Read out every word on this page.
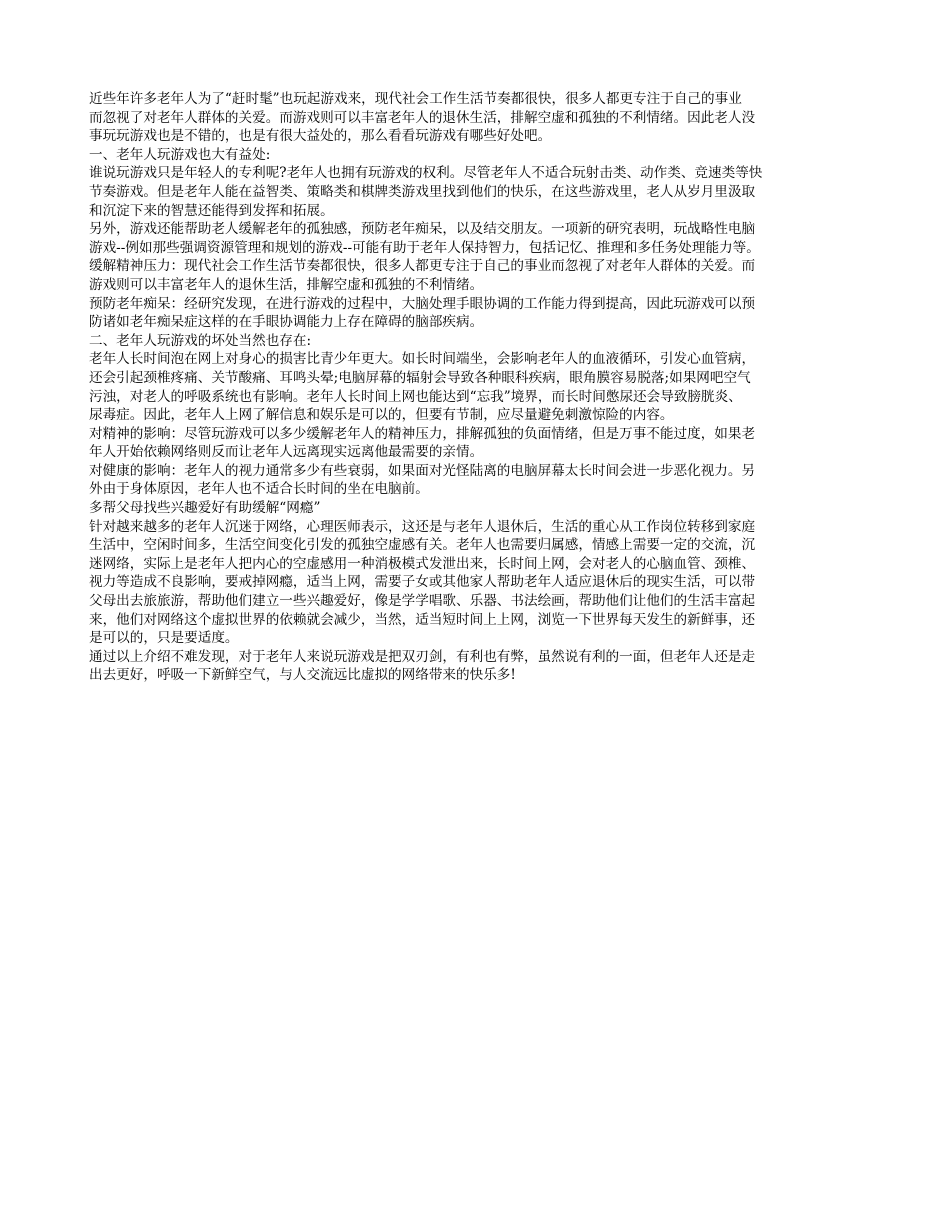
近些年许多老年人为了“赶时髦”也玩起游戏来，现代社会工作生活节奏都很快，很多人都更专注于自己的事业
而忽视了对老年人群体的关爱。而游戏则可以丰富老年人的退休生活，排解空虚和孤独的不利情绪。因此老人没
事玩玩游戏也是不错的，也是有很大益处的，那么看看玩游戏有哪些好处吧。
一、老年人玩游戏也大有益处:
谁说玩游戏只是年轻人的专利呢?老年人也拥有玩游戏的权利。尽管老年人不适合玩射击类、动作类、竞速类等快
节奏游戏。但是老年人能在益智类、策略类和棋牌类游戏里找到他们的快乐，在这些游戏里，老人从岁月里汲取
和沉淀下来的智慧还能得到发挥和拓展。
另外，游戏还能帮助老人缓解老年的孤独感，预防老年痴呆，以及结交朋友。一项新的研究表明，玩战略性电脑
游戏--例如那些强调资源管理和规划的游戏--可能有助于老年人保持智力，包括记忆、推理和多任务处理能力等。
缓解精神压力：现代社会工作生活节奏都很快，很多人都更专注于自己的事业而忽视了对老年人群体的关爱。而
游戏则可以丰富老年人的退休生活，排解空虚和孤独的不利情绪。
预防老年痴呆：经研究发现，在进行游戏的过程中，大脑处理手眼协调的工作能力得到提高，因此玩游戏可以预
防诸如老年痴呆症这样的在手眼协调能力上存在障碍的脑部疾病。
二、老年人玩游戏的坏处当然也存在:
老年人长时间泡在网上对身心的损害比青少年更大。如长时间端坐，会影响老年人的血液循环，引发心血管病，
还会引起颈椎疼痛、关节酸痛、耳鸣头晕;电脑屏幕的辐射会导致各种眼科疾病，眼角膜容易脱落;如果网吧空气
污浊，对老人的呼吸系统也有影响。老年人长时间上网也能达到“忘我”境界，而长时间憋尿还会导致膀胱炎、
尿毒症。因此，老年人上网了解信息和娱乐是可以的，但要有节制，应尽量避免刺激惊险的内容。
对精神的影响：尽管玩游戏可以多少缓解老年人的精神压力，排解孤独的负面情绪，但是万事不能过度，如果老
年人开始依赖网络则反而让老年人远离现实远离他最需要的亲情。
对健康的影响：老年人的视力通常多少有些衰弱，如果面对光怪陆离的电脑屏幕太长时间会进一步恶化视力。另
外由于身体原因，老年人也不适合长时间的坐在电脑前。
多帮父母找些兴趣爱好有助缓解“网瘾”
针对越来越多的老年人沉迷于网络，心理医师表示，这还是与老年人退休后，生活的重心从工作岗位转移到家庭
生活中，空闲时间多，生活空间变化引发的孤独空虚感有关。老年人也需要归属感，情感上需要一定的交流，沉
迷网络，实际上是老年人把内心的空虚感用一种消极模式发泄出来，长时间上网，会对老人的心脑血管、颈椎、
视力等造成不良影响，要戒掉网瘾，适当上网，需要子女或其他家人帮助老年人适应退休后的现实生活，可以带
父母出去旅旅游，帮助他们建立一些兴趣爱好，像是学学唱歌、乐器、书法绘画，帮助他们让他们的生活丰富起
来，他们对网络这个虚拟世界的依赖就会减少，当然，适当短时间上上网，浏览一下世界每天发生的新鲜事，还
是可以的，只是要适度。
通过以上介绍不难发现，对于老年人来说玩游戏是把双刃剑，有利也有弊，虽然说有利的一面，但老年人还是走
出去更好，呼吸一下新鲜空气，与人交流远比虚拟的网络带来的快乐多!
